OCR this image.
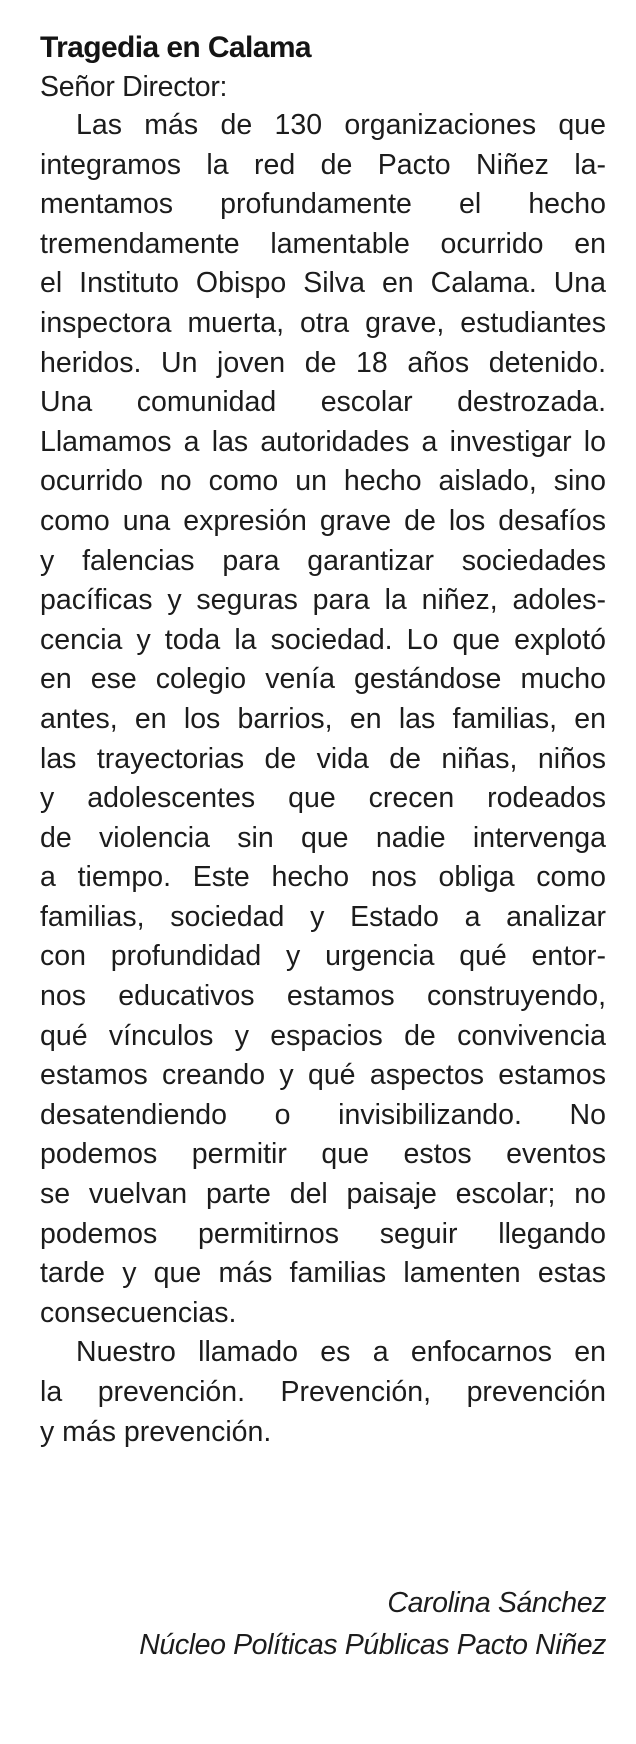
Tragedia en Calama

Señor Director:

Las más de 130 organizaciones que
integramos la red de Pacto Niñez la-
mentamos profundamente el hecho
tremendamente lamentable ocurrido en
el Instituto Obispo Silva en Calama. Una
inspectora muerta, otra grave, estudiantes
heridos. Un joven de 18 años detenido.
Una comunidad escolar destrozada.
Llamamos a las autoridades a investigar lo
ocurrido no como un hecho aislado, sino
como una expresión grave de los desafíos
y falencias para garantizar sociedades
pacíficas y seguras para la niñez, adoles-
cencia y toda la sociedad. Lo que explotó
en ese colegio venía gestándose mucho
antes, en los barrios, en las familias, en
las trayectorias de vida de niñas, niños
y adolescentes que crecen rodeados
de violencia sin que nadie intervenga
a tiempo. Este hecho nos obliga como
familias, sociedad y Estado a analizar
con profundidad y urgencia qué entor-
nos educativos estamos construyendo,
qué vínculos y espacios de convivencia
estamos creando y qué aspectos estamos
desatendiendo o invisibilizando. No
podemos permitir que estos eventos
se vuelvan parte del paisaje escolar; no
podemos permitirnos seguir llegando
tarde y que más familias lamenten estas
consecuencias.
Nuestro llamado es a enfocarnos en
la prevención. Prevención, prevención
y más prevención.
Carolina Sánchez
Núcleo Políticas Públicas Pacto Niñez
